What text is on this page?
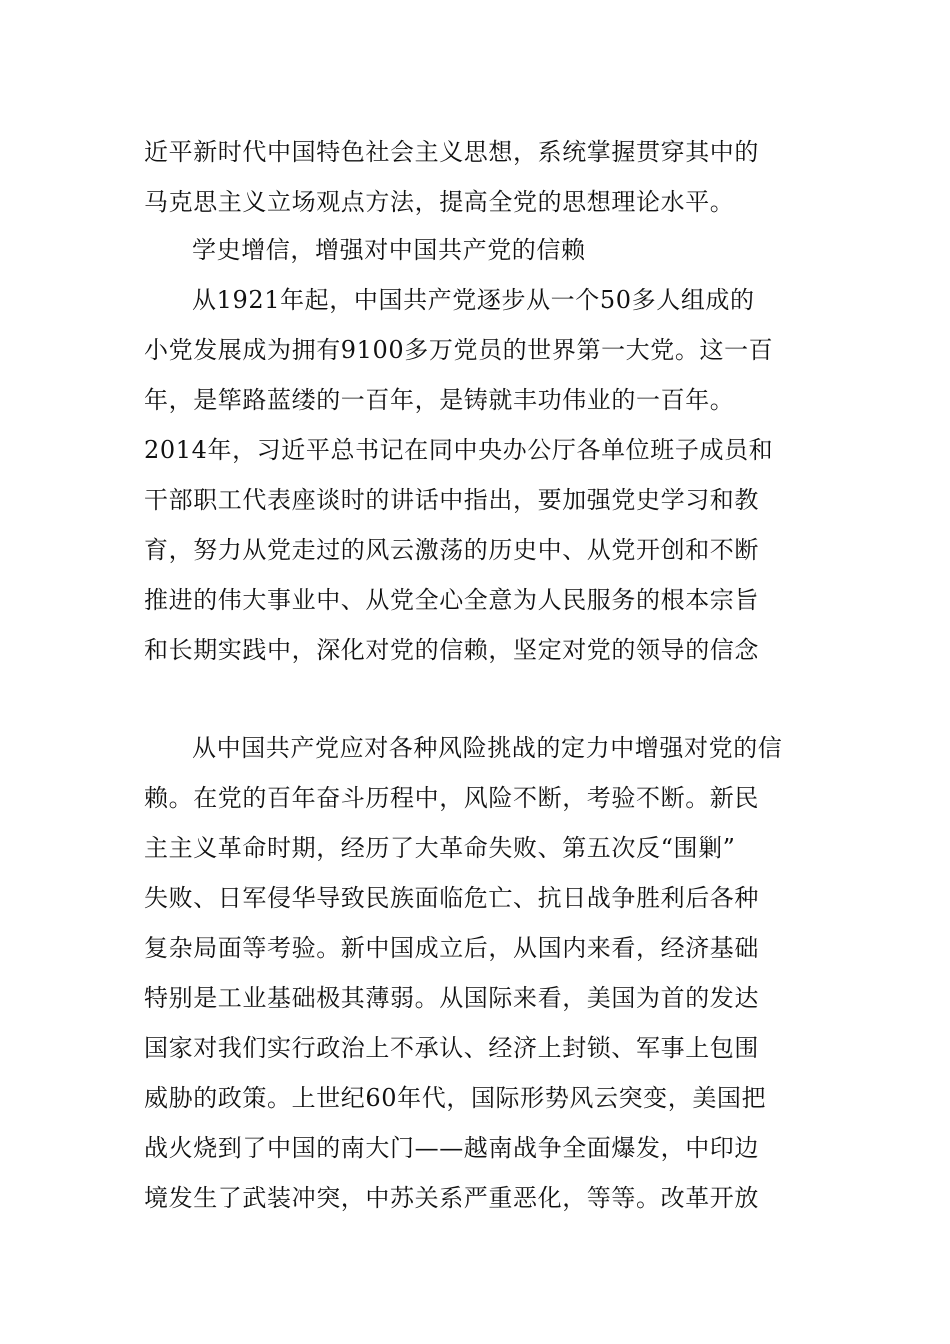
近平新时代中国特色社会主义思想，系统掌握贯穿其中的
马克思主义立场观点方法，提高全党的思想理论水平。
学史增信，增强对中国共产党的信赖
从1921年起，中国共产党逐步从一个50多人组成的
小党发展成为拥有9100多万党员的世界第一大党。这一百
年，是筚路蓝缕的一百年，是铸就丰功伟业的一百年。
2014年，习近平总书记在同中央办公厅各单位班子成员和
干部职工代表座谈时的讲话中指出，要加强党史学习和教
育，努力从党走过的风云激荡的历史中、从党开创和不断
推进的伟大事业中、从党全心全意为人民服务的根本宗旨
和长期实践中，深化对党的信赖，坚定对党的领导的信念
从中国共产党应对各种风险挑战的定力中增强对党的信
赖。在党的百年奋斗历程中，风险不断，考验不断。新民
主主义革命时期，经历了大革命失败、第五次反“围剿”
失败、日军侵华导致民族面临危亡、抗日战争胜利后各种
复杂局面等考验。新中国成立后，从国内来看，经济基础
特别是工业基础极其薄弱。从国际来看，美国为首的发达
国家对我们实行政治上不承认、经济上封锁、军事上包围
威胁的政策。上世纪60年代，国际形势风云突变，美国把
战火烧到了中国的南大门——越南战争全面爆发，中印边
境发生了武装冲突，中苏关系严重恶化，等等。改革开放
